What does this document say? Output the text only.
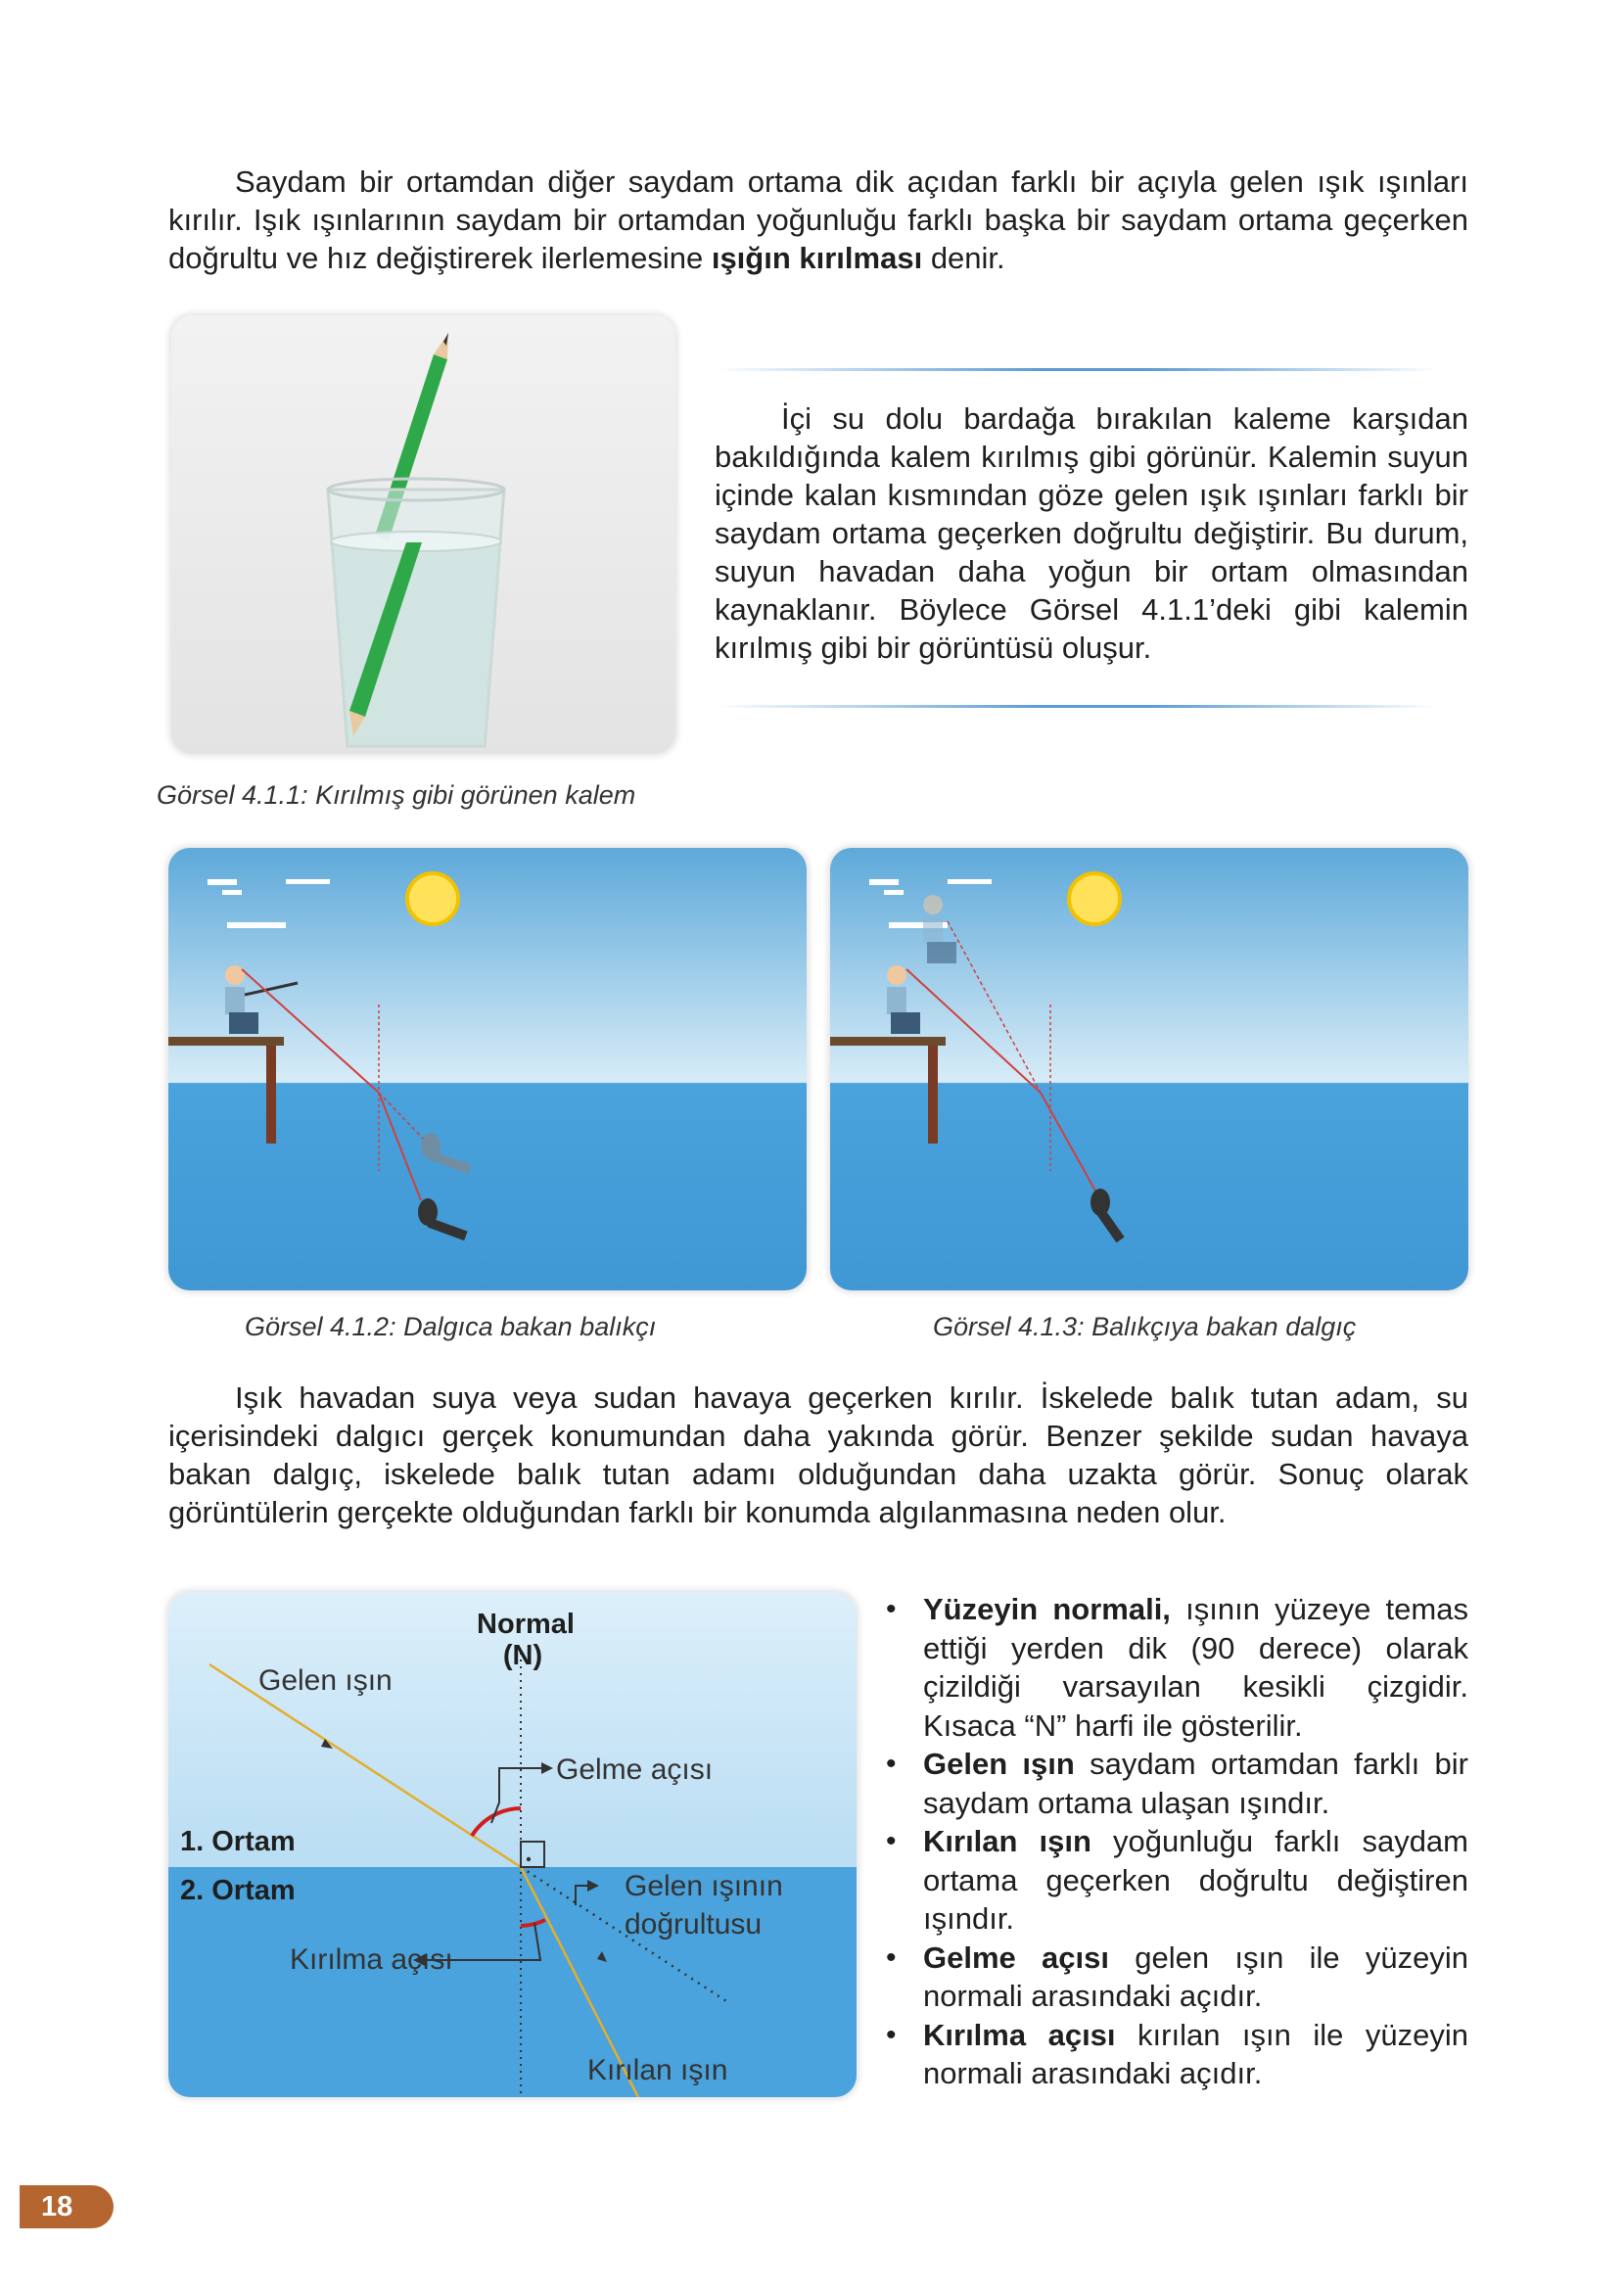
Saydam bir ortamdan diğer saydam ortama dik açıdan farklı bir açıyla gelen ışık ışınları kırılır. Işık ışınlarının saydam bir ortamdan yoğunluğu farklı başka bir saydam ortama geçerken doğrultu ve hız değiştirerek ilerlemesine ışığın kırılması denir.

İçi su dolu bardağa bırakılan kaleme karşıdan bakıldığında kalem kırılmış gibi görünür. Kalemin suyun içinde kalan kısmından göze gelen ışık ışınları farklı bir saydam ortama geçerken doğrultu değiştirir. Bu durum, suyun havadan daha yoğun bir ortam olmasından kaynaklanır. Böylece Görsel 4.1.1’deki gibi kalemin kırılmış gibi bir görüntüsü oluşur.

Görsel 4.1.1: Kırılmış gibi görünen kalem
Görsel 4.1.2: Dalgıca bakan balıkçı	Görsel 4.1.3: Balıkçıya bakan dalgıç

Işık havadan suya veya sudan havaya geçerken kırılır. İskelede balık tutan adam, su içerisindeki dalgıcı gerçek konumundan daha yakında görür. Benzer şekilde sudan havaya bakan dalgıç, iskelede balık tutan adamı olduğundan daha uzakta görür. Sonuç olarak görüntülerin gerçekte olduğundan farklı bir konumda algılanmasına neden olur.

Normal
(N)
Gelen ışın
Gelme açısı
1. Ortam
2. Ortam	Gelen ışının
doğrultusu
Kırılma açısı
Kırılan ışın
• Yüzeyin normali, ışının yüzeye temas ettiği yerden dik (90 derece) olarak çizildiği varsayılan kesikli çizgidir. Kısaca “N” harfi ile gösterilir.
• Gelen ışın saydam ortamdan farklı bir saydam ortama ulaşan ışındır.
• Kırılan ışın yoğunluğu farklı saydam ortama geçerken doğrultu değiştiren ışındır.
• Gelme açısı gelen ışın ile yüzeyin normali arasındaki açıdır.
• Kırılma açısı kırılan ışın ile yüzeyin normali arasındaki açıdır.
18
